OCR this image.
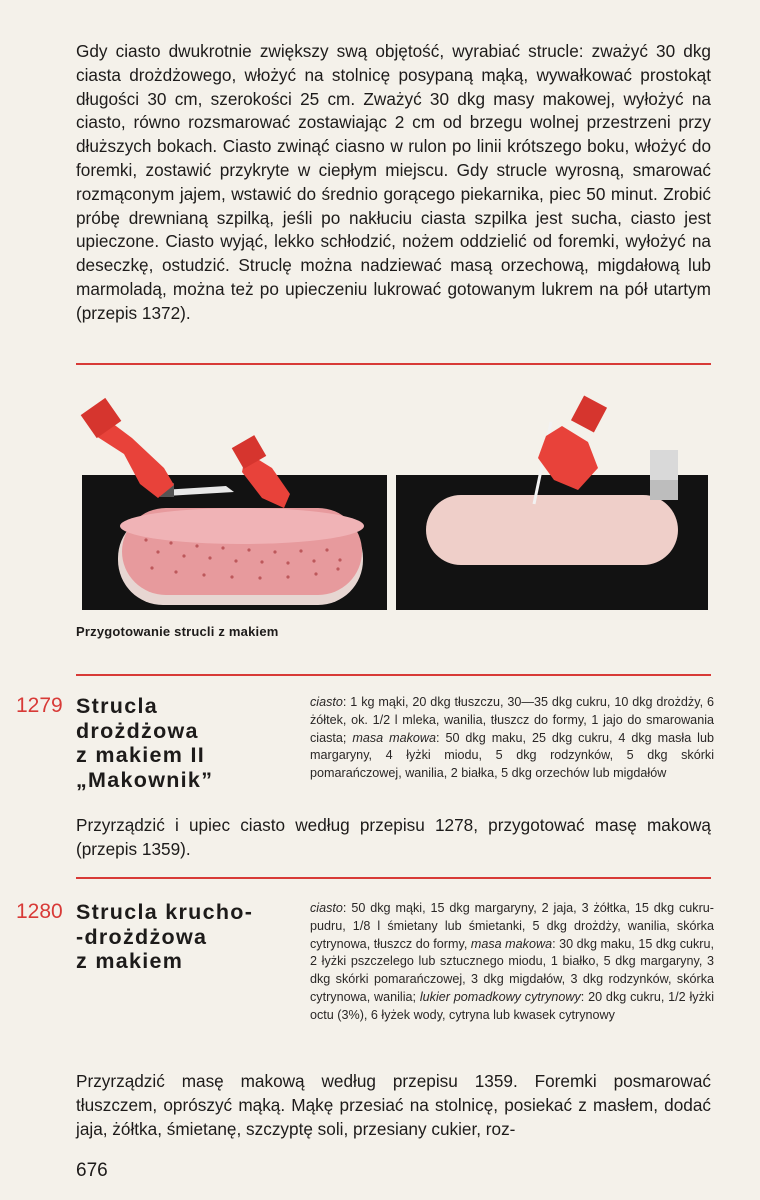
Gdy ciasto dwukrotnie zwiększy swą objętość, wyrabiać strucle: zważyć 30 dkg ciasta drożdżowego, włożyć na stolnicę posypaną mąką, wywałkować prostokąt długości 30 cm, szerokości 25 cm. Zważyć 30 dkg masy makowej, wyłożyć na ciasto, równo rozsmarować zostawiając 2 cm od brzegu wolnej przestrzeni przy dłuższych bokach. Ciasto zwinąć ciasno w rulon po linii krótszego boku, włożyć do foremki, zostawić przykryte w ciepłym miejscu. Gdy strucle wyrosną, smarować rozmąconym jajem, wstawić do średnio gorącego piekarnika, piec 50 minut. Zrobić próbę drewnianą szpilką, jeśli po nakłuciu ciasta szpilka jest sucha, ciasto jest upieczone. Ciasto wyjąć, lekko schłodzić, nożem oddzielić od foremki, wyłożyć na deseczkę, ostudzić. Struclę można nadziewać masą orzechową, migdałową lub marmoladą, można też po upieczeniu lukrować gotowanym lukrem na pół utartym (przepis 1372).

Przygotowanie strucli z makiem
1279 Strucla
drożdżowa
z makiem II
„Makownik”
ciasto: 1 kg mąki, 20 dkg tłuszczu, 30—35 dkg cukru, 10 dkg drożdży, 6 żółtek, ok. 1/2 l mleka, wanilia, tłuszcz do formy, 1 jajo do smarowania ciasta; masa makowa: 50 dkg maku, 25 dkg cukru, 4 dkg masła lub margaryny, 4 łyżki miodu, 5 dkg rodzynków, 5 dkg skórki pomarańczowej, wanilia, 2 białka, 5 dkg orzechów lub migdałów

Przyrządzić i upiec ciasto według przepisu 1278, przygotować masę makową (przepis 1359).

1280 Strucla krucho-
-drożdżowa
z makiem
ciasto: 50 dkg mąki, 15 dkg margaryny, 2 jaja, 3 żółtka, 15 dkg cukru-pudru, 1/8 l śmietany lub śmietanki, 5 dkg drożdży, wanilia, skórka cytrynowa, tłuszcz do formy, masa makowa: 30 dkg maku, 15 dkg cukru, 2 łyżki pszczelego lub sztucznego miodu, 1 białko, 5 dkg margaryny, 3 dkg skórki pomarańczowej, 3 dkg migdałów, 3 dkg rodzynków, skórka cytrynowa, wanilia; lukier pomadkowy cytrynowy: 20 dkg cukru, 1/2 łyżki octu (3%), 6 łyżek wody, cytryna lub kwasek cytrynowy

Przyrządzić masę makową według przepisu 1359. Foremki posmarować tłuszczem, oprószyć mąką. Mąkę przesiać na stolnicę, posiekać z masłem, dodać jaja, żółtka, śmietanę, szczyptę soli, przesiany cukier, roz-

676
